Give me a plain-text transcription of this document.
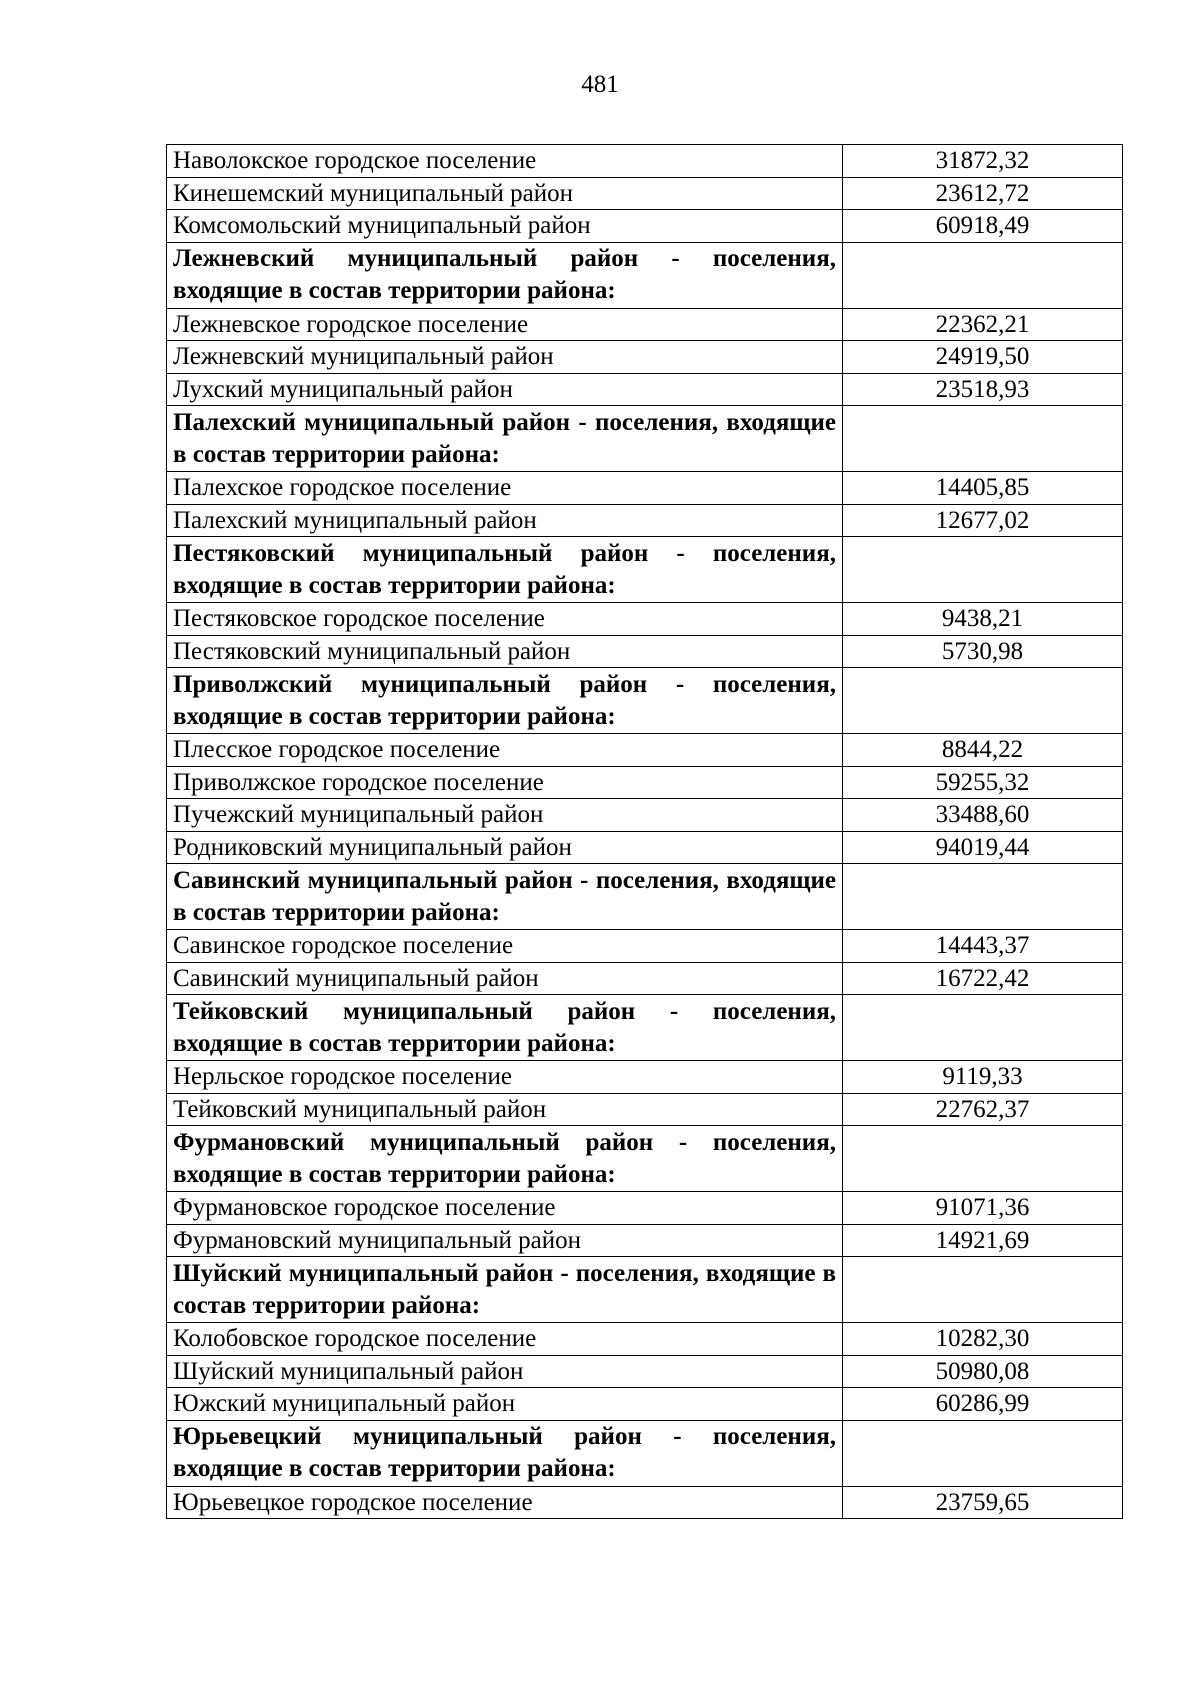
481
Наволокское городское поселение	31872,32
Кинешемский муниципальный район	23612,72
Комсомольский муниципальный район	60918,49
Лежневский муниципальный район - поселения, входящие в состав территории района:	
Лежневское городское поселение	22362,21
Лежневский муниципальный район	24919,50
Лухский муниципальный район	23518,93
Палехский муниципальный район - поселения, входящие в состав территории района:	
Палехское городское поселение	14405,85
Палехский муниципальный район	12677,02
Пестяковский муниципальный район - поселения, входящие в состав территории района:	
Пестяковское городское поселение	9438,21
Пестяковский муниципальный район	5730,98
Приволжский муниципальный район - поселения, входящие в состав территории района:	
Плесское городское поселение	8844,22
Приволжское городское поселение	59255,32
Пучежский муниципальный район	33488,60
Родниковский муниципальный район	94019,44
Савинский муниципальный район - поселения, входящие в состав территории района:	
Савинское городское поселение	14443,37
Савинский муниципальный район	16722,42
Тейковский муниципальный район - поселения, входящие в состав территории района:	
Нерльское городское поселение	9119,33
Тейковский муниципальный район	22762,37
Фурмановский муниципальный район - поселения, входящие в состав территории района:	
Фурмановское городское поселение	91071,36
Фурмановский муниципальный район	14921,69
Шуйский муниципальный район - поселения, входящие в состав территории района:	
Колобовское городское поселение	10282,30
Шуйский муниципальный район	50980,08
Южский муниципальный район	60286,99
Юрьевецкий муниципальный район - поселения, входящие в состав территории района:	
Юрьевецкое городское поселение	23759,65
